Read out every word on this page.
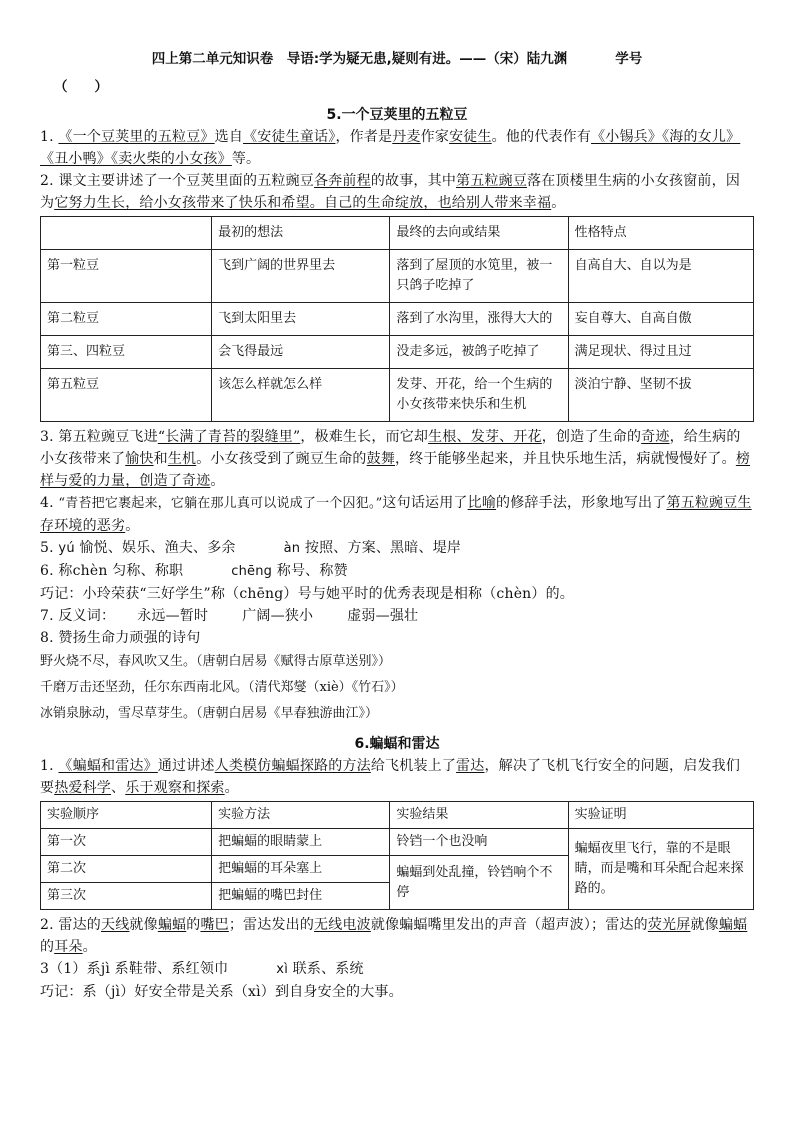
四上第二单元知识卷　导语:学为疑无患,疑则有进。——（宋）陆九渊	学号
（　　）
5.一个豆荚里的五粒豆

1. 《一个豆荚里的五粒豆》选自《安徒生童话》，作者是丹麦作家安徒生。他的代表作有《小锡兵》《海的女儿》《丑小鸭》《卖火柴的小女孩》等。

2. 课文主要讲述了一个豆荚里面的五粒豌豆各奔前程的故事，其中第五粒豌豆落在顶楼里生病的小女孩窗前，因为它努力生长，给小女孩带来了快乐和希望。自己的生命绽放，也给别人带来幸福。

	最初的想法	最终的去向或结果	性格特点
第一粒豆	飞到广阔的世界里去	落到了屋顶的水笕里，被一只鸽子吃掉了	自高自大、自以为是
第二粒豆	飞到太阳里去	落到了水沟里，涨得大大的	妄自尊大、自高自傲
第三、四粒豆	会飞得最远	没走多远，被鸽子吃掉了	满足现状、得过且过
第五粒豆	该怎么样就怎么样	发芽、开花，给一个生病的小女孩带来快乐和生机	淡泊宁静、坚韧不拔

3. 第五粒豌豆飞进“长满了青苔的裂缝里”，极难生长，而它却生根、发芽、开花，创造了生命的奇迹，给生病的小女孩带来了愉快和生机。小女孩受到了豌豆生命的鼓舞，终于能够坐起来，并且快乐地生活，病就慢慢好了。榜样与爱的力量，创造了奇迹。

4. “青苔把它裹起来，它躺在那儿真可以说成了一个囚犯。”这句话运用了比喻的修辞手法，形象地写出了第五粒豌豆生存环境的恶劣。

5. yú 愉悦、娱乐、渔夫、多余	àn 按照、方案、黑暗、堤岸

6. 称chèn 匀称、称职	chēng 称号、称赞

巧记：小玲荣获“三好学生”称（chēng）号与她平时的优秀表现是相称（chèn）的。

7. 反义词： 永远—暂时 广阔—狭小 虚弱—强壮

8. 赞扬生命力顽强的诗句

野火烧不尽，春风吹又生。（唐朝白居易《赋得古原草送别》）
千磨万击还坚劲，任尔东西南北风。（清代郑燮（xiè）《竹石》）
冰销泉脉动，雪尽草芽生。（唐朝白居易《早春独游曲江》）
6.蝙蝠和雷达

1. 《蝙蝠和雷达》通过讲述人类模仿蝙蝠探路的方法给飞机装上了雷达，解决了飞机飞行安全的问题，启发我们要热爱科学、乐于观察和探索。

实验顺序	实验方法	实验结果	实验证明
第一次	把蝙蝠的眼睛蒙上	铃铛一个也没响	蝙蝠夜里飞行，靠的不是眼睛，而是嘴和耳朵配合起来探路的。
第二次	把蝙蝠的耳朵塞上	蝙蝠到处乱撞，铃铛响个不停	
第三次	把蝙蝠的嘴巴封住		

2. 雷达的天线就像蝙蝠的嘴巴；雷达发出的无线电波就像蝙蝠嘴里发出的声音（超声波）；雷达的荧光屏就像蝙蝠的耳朵。

3（1）系jì 系鞋带、系红领巾	xì 联系、系统

巧记：系（jì）好安全带是关系（xì）到自身安全的大事。
